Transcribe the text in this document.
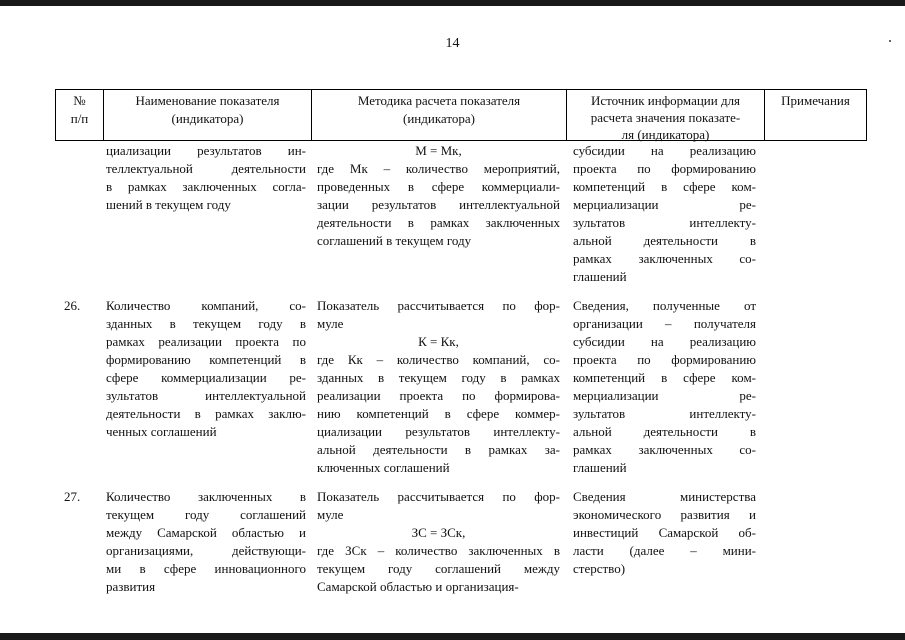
14
№
п/п
Наименование показателя
(индикатора)
Методика расчета показателя
(индикатора)
Источник информации для
расчета значения показате-
ля (индикатора)
Примечания
циализации результатов ин-
теллектуальной деятельности
в рамках заключенных согла-
шений в текущем году
М = Мк,
где Мк – количество мероприятий,
проведенных в сфере коммерциали-
зации результатов интеллектуальной
деятельности в рамках заключенных
соглашений в текущем году
субсидии на реализацию
проекта по формированию
компетенций в сфере ком-
мерциализации ре-
зультатов интеллекту-
альной деятельности в
рамках заключенных со-
глашений
26. Количество компаний, со-
зданных в текущем году в
рамках реализации проекта по
формированию компетенций в
сфере коммерциализации ре-
зультатов интеллектуальной
деятельности в рамках заклю-
ченных соглашений
Показатель рассчитывается по фор-
муле
К = Кк,
где Кк – количество компаний, со-
зданных в текущем году в рамках
реализации проекта по формирова-
нию компетенций в сфере коммер-
циализации результатов интеллекту-
альной деятельности в рамках за-
ключенных соглашений
Сведения, полученные от
организации – получателя
субсидии на реализацию
проекта по формированию
компетенций в сфере ком-
мерциализации ре-
зультатов интеллекту-
альной деятельности в
рамках заключенных со-
глашений
27. Количество заключенных в
текущем году соглашений
между Самарской областью и
организациями, действующи-
ми в сфере инновационного
развития
Показатель рассчитывается по фор-
муле
ЗС = ЗСк,
где ЗСк – количество заключенных в
текущем году соглашений между
Самарской областью и организация-
Сведения министерства
экономического развития и
инвестиций Самарской об-
ласти (далее – мини-
стерство)
